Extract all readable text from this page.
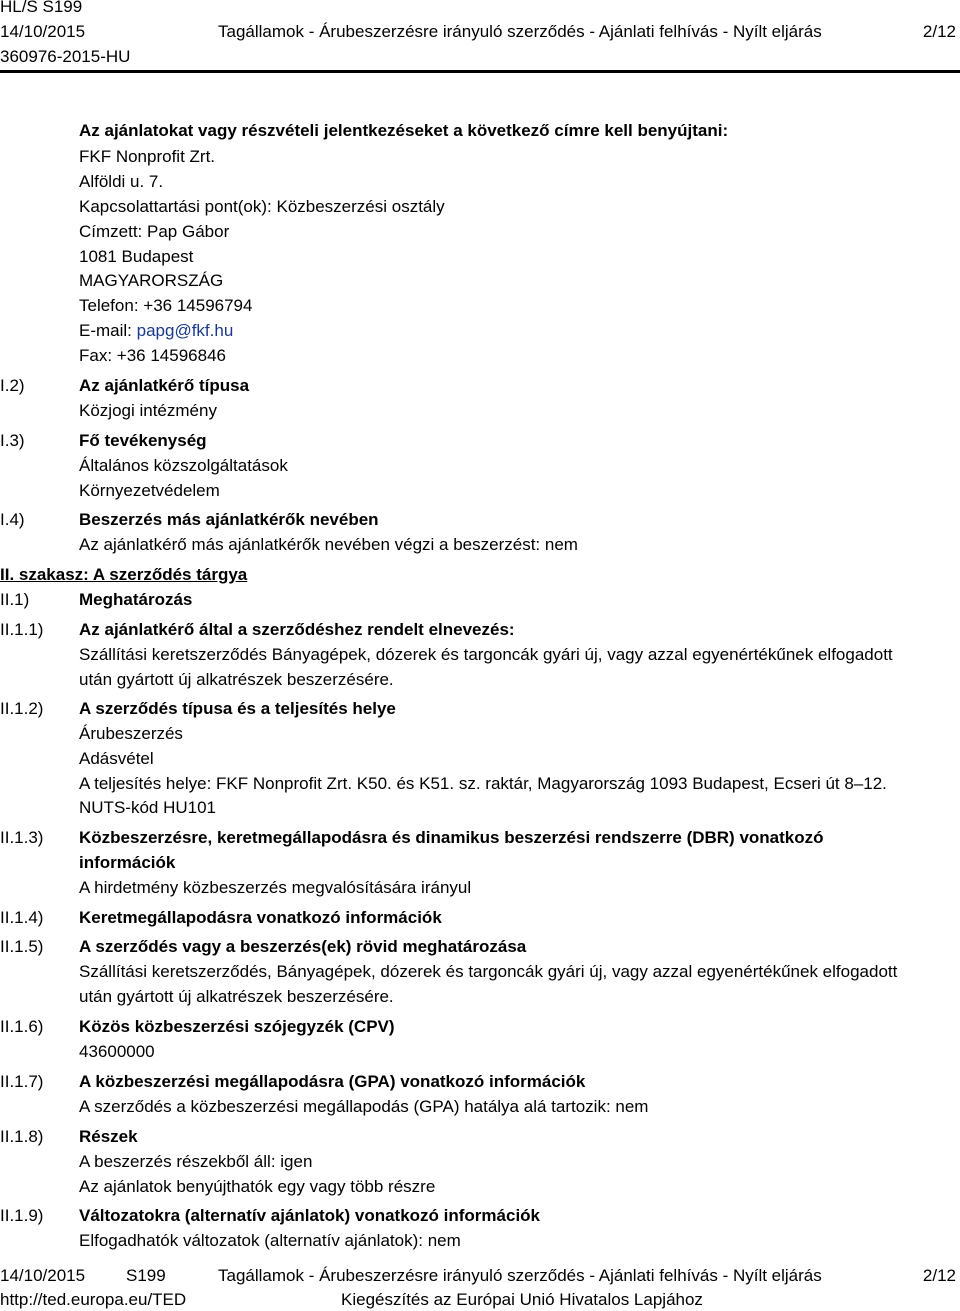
HL/S S199
14/10/2015	Tagállamok - Árubeszerzésre irányuló szerződés - Ajánlati felhívás - Nyílt eljárás	2/12
360976-2015-HU
Az ajánlatokat vagy részvételi jelentkezéseket a következő címre kell benyújtani:
FKF Nonprofit Zrt.
Alföldi u. 7.
Kapcsolattartási pont(ok): Közbeszerzési osztály
Címzett: Pap Gábor
1081 Budapest
MAGYARORSZÁG
Telefon: +36 14596794
E-mail: papg@fkf.hu
Fax: +36 14596846
I.2)	Az ajánlatkérő típusa
Közjogi intézmény
I.3)	Fő tevékenység
Általános közszolgáltatások
Környezetvédelem
I.4)	Beszerzés más ajánlatkérők nevében
Az ajánlatkérő más ajánlatkérők nevében végzi a beszerzést: nem
II. szakasz: A szerződés tárgya
II.1)	Meghatározás
II.1.1) Az ajánlatkérő által a szerződéshez rendelt elnevezés:
Szállítási keretszerződés Bányagépek, dózerek és targoncák gyári új, vagy azzal egyenértékűnek elfogadott
után gyártott új alkatrészek beszerzésére.
II.1.2) A szerződés típusa és a teljesítés helye
Árubeszerzés
Adásvétel
A teljesítés helye: FKF Nonprofit Zrt. K50. és K51. sz. raktár, Magyarország 1093 Budapest, Ecseri út 8–12.
NUTS-kód HU101
II.1.3) Közbeszerzésre, keretmegállapodásra és dinamikus beszerzési rendszerre (DBR) vonatkozó
információk
A hirdetmény közbeszerzés megvalósítására irányul
II.1.4) Keretmegállapodásra vonatkozó információk
II.1.5) A szerződés vagy a beszerzés(ek) rövid meghatározása
Szállítási keretszerződés, Bányagépek, dózerek és targoncák gyári új, vagy azzal egyenértékűnek elfogadott
után gyártott új alkatrészek beszerzésére.
II.1.6) Közös közbeszerzési szójegyzék (CPV)
43600000
II.1.7) A közbeszerzési megállapodásra (GPA) vonatkozó információk
A szerződés a közbeszerzési megállapodás (GPA) hatálya alá tartozik: nem
II.1.8) Részek
A beszerzés részekből áll: igen
Az ajánlatok benyújthatók egy vagy több részre
II.1.9) Változatokra (alternatív ajánlatok) vonatkozó információk
Elfogadhatók változatok (alternatív ajánlatok): nem
14/10/2015 S199	Tagállamok - Árubeszerzésre irányuló szerződés - Ajánlati felhívás - Nyílt eljárás	2/12
http://ted.europa.eu/TED	Kiegészítés az Európai Unió Hivatalos Lapjához
